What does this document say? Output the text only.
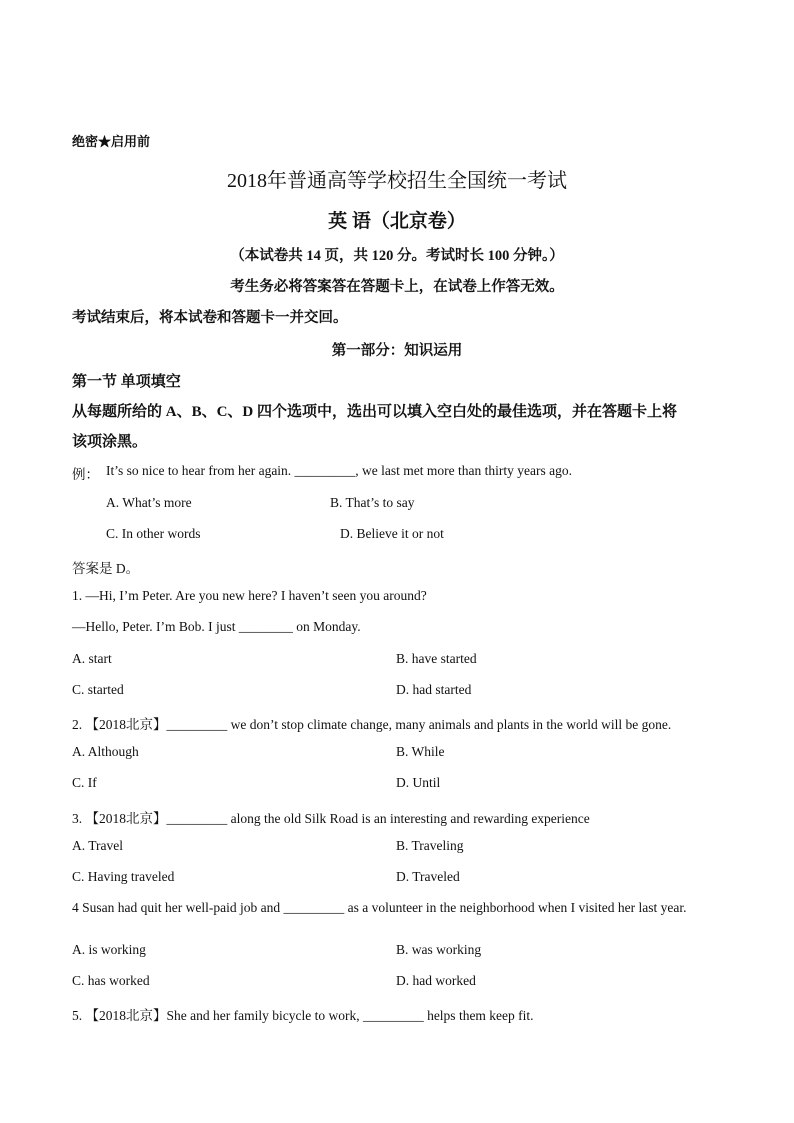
绝密★启用前
2018年普通高等学校招生全国统一考试
英 语（北京卷）
（本试卷共 14 页，共 120 分。考试时长 100 分钟。）
考生务必将答案答在答题卡上，在试卷上作答无效。
考试结束后，将本试卷和答题卡一并交回。
第一部分：知识运用
第一节 单项填空
从每题所给的 A、B、C、D 四个选项中，选出可以填入空白处的最佳选项，并在答题卡上将
该项涂黑。
例： It’s so nice to hear from her again. _________, we last met more than thirty years ago.
A. What’s more	B. That’s to say
C. In other words	D. Believe it or not
答案是 D。
1. —Hi, I’m Peter. Are you new here? I haven’t seen you around?
—Hello, Peter. I’m Bob. I just ________ on Monday.
A. start	B. have started
C. started	D. had started
2. 【2018北京】_________ we don’t stop climate change, many animals and plants in the world will be gone.
A. Although	B. While
C. If	D. Until
3. 【2018北京】_________ along the old Silk Road is an interesting and rewarding experience
A. Travel	B. Traveling
C. Having traveled	D. Traveled
4 Susan had quit her well-paid job and _________ as a volunteer in the neighborhood when I visited her last year.
A. is working	B. was working
C. has worked	D. had worked
5. 【2018北京】She and her family bicycle to work, _________ helps them keep fit.
